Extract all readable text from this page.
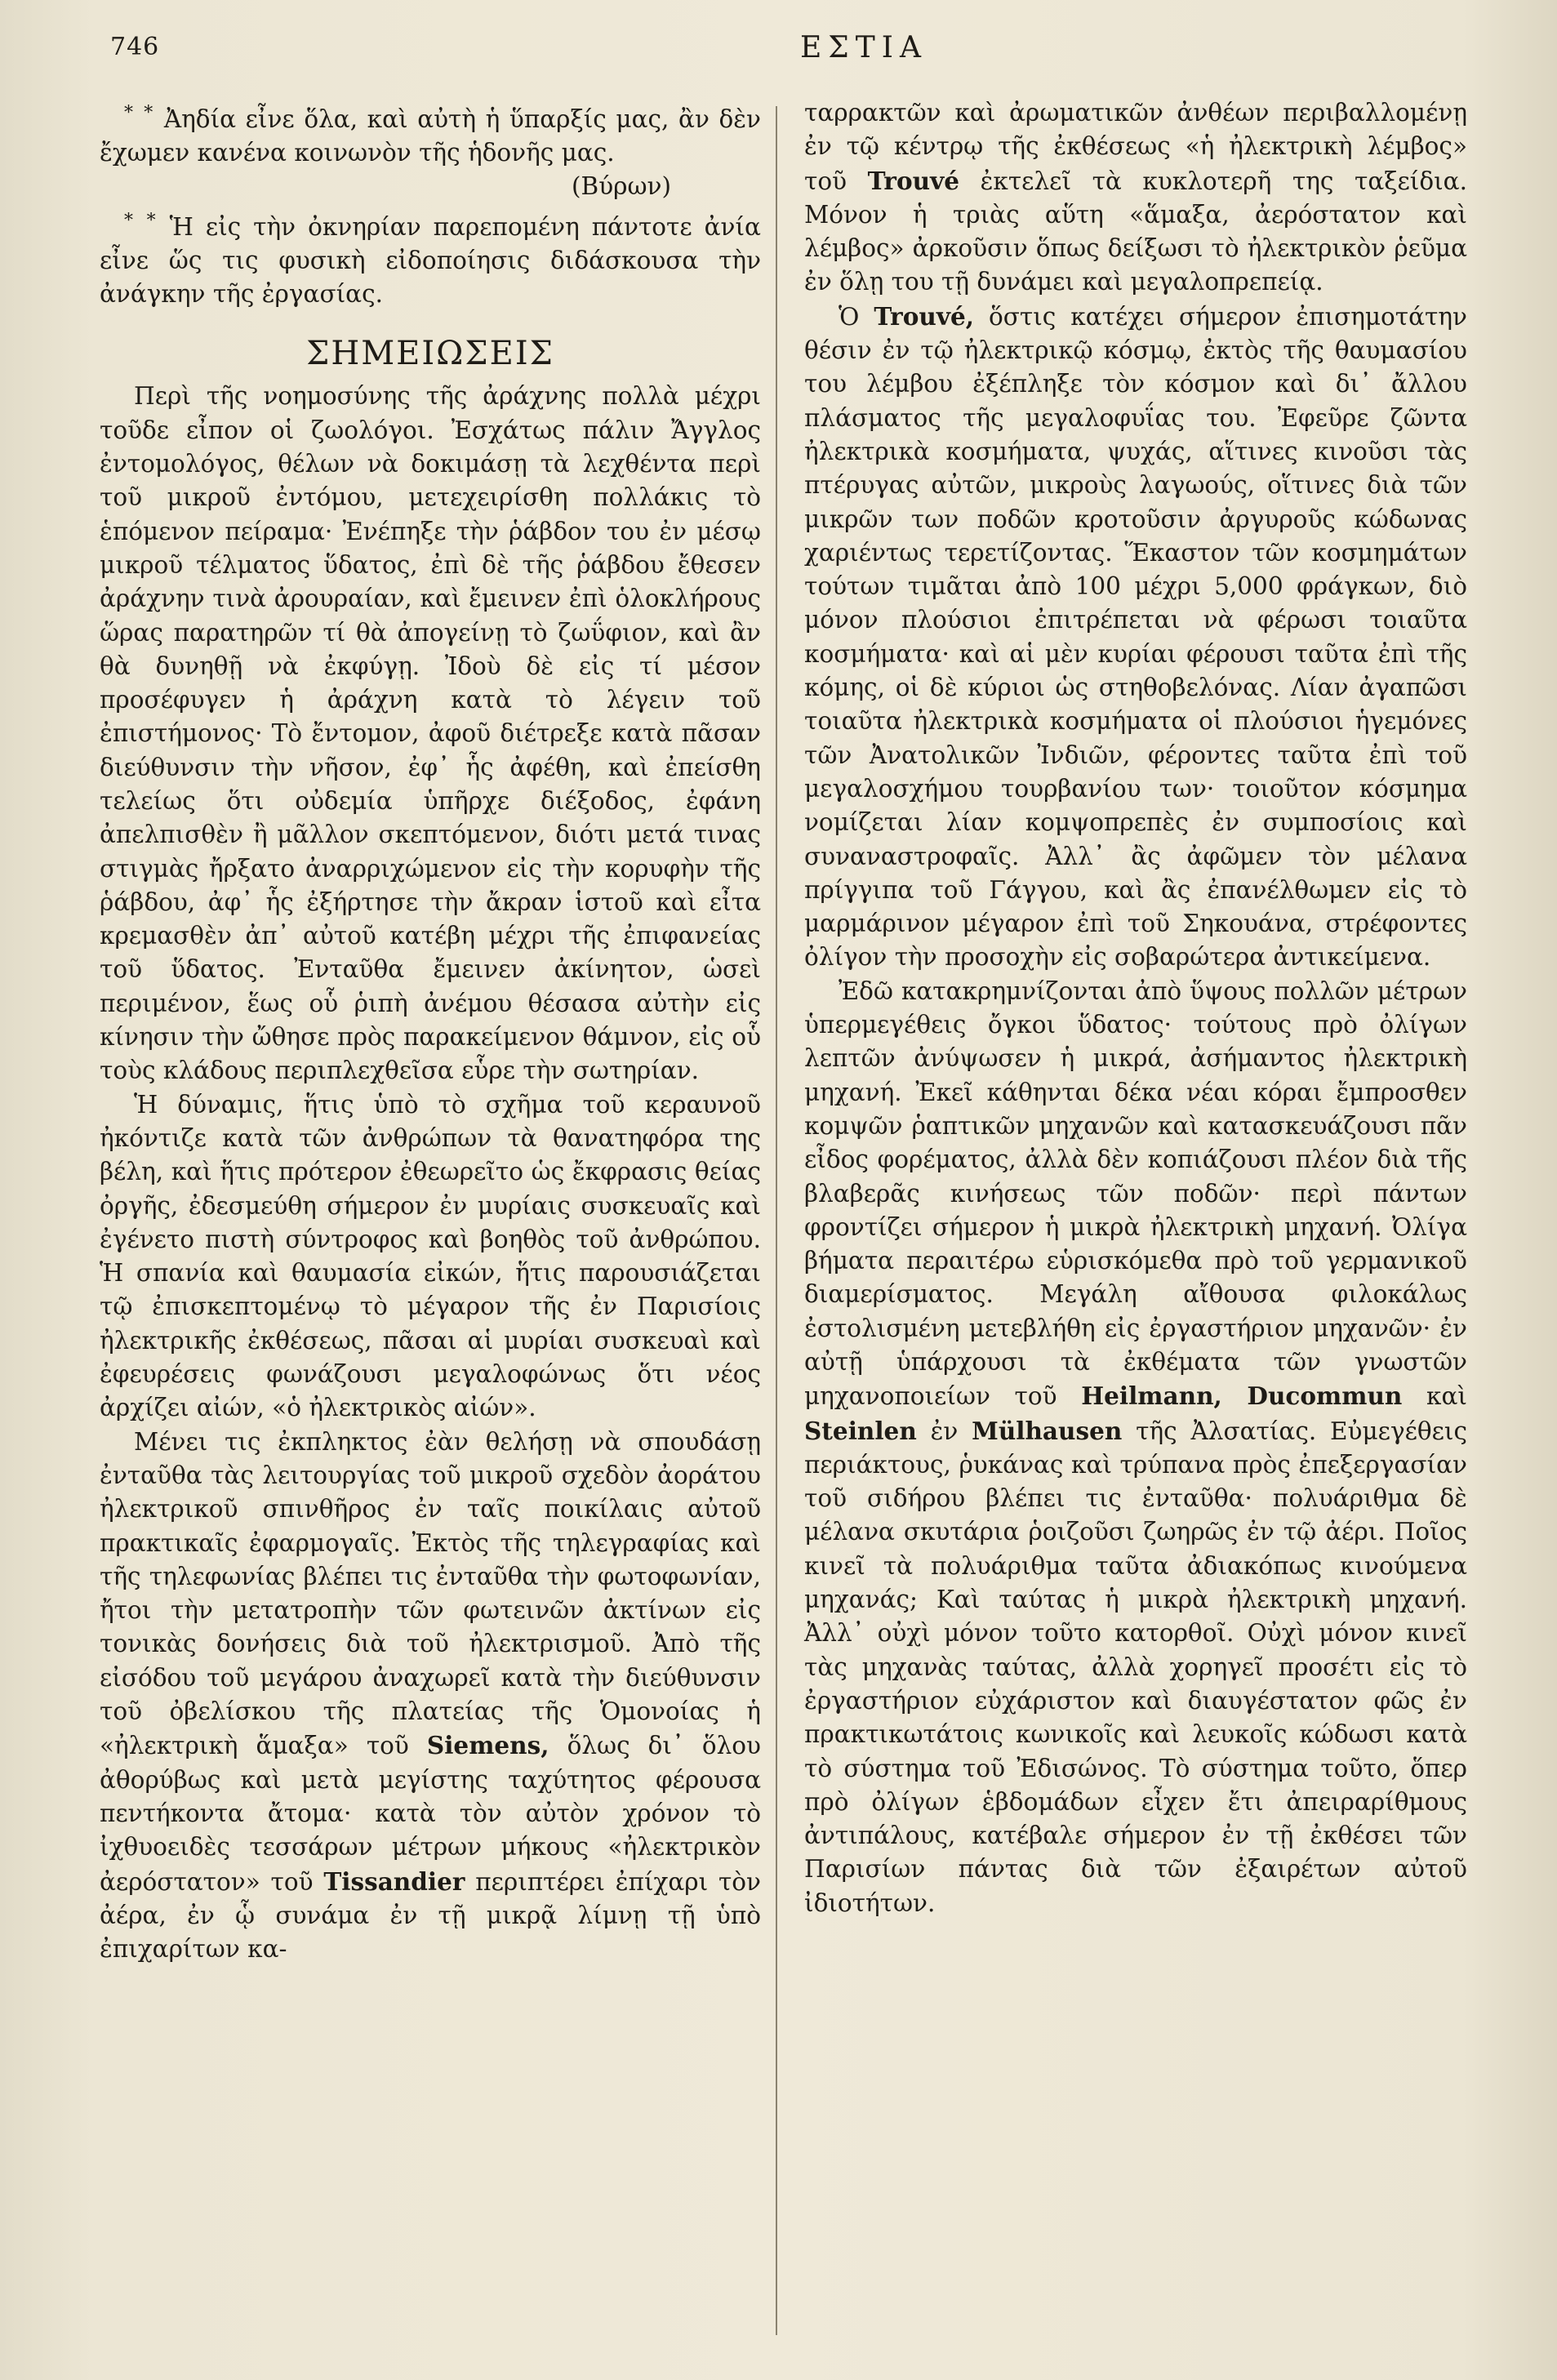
746	ΕΣΤΙΑ

* * Ἀηδία εἶνε ὅλα, καὶ αὐτὴ ἡ ὕπαρξίς μας, ἂν δὲν ἔχωμεν κανένα κοινωνὸν τῆς ἡδονῆς μας.

(Βύρων)

* * Ἡ εἰς τὴν ὀκνηρίαν παρεπομένη πάντοτε ἀνία εἶνε ὥς τις φυσικὴ εἰδοποίησις διδάσκουσα τὴν ἀνάγκην τῆς ἐργασίας.

ΣΗΜΕΙΩΣΕΙΣ

Περὶ τῆς νοημοσύνης τῆς ἀράχνης πολλὰ μέχρι τοῦδε εἶπον οἱ ζωολόγοι. Ἐσχάτως πάλιν Ἄγγλος ἐντομολόγος, θέλων νὰ δοκιμάσῃ τὰ λεχθέντα περὶ τοῦ μικροῦ ἐντόμου, μετεχειρίσθη πολλάκις τὸ ἑπόμενον πείραμα· Ἐνέπηξε τὴν ῥάβδον του ἐν μέσῳ μικροῦ τέλματος ὕδατος, ἐπὶ δὲ τῆς ῥάβδου ἔθεσεν ἀράχνην τινὰ ἀρουραίαν, καὶ ἔμεινεν ἐπὶ ὁλοκλήρους ὥρας παρατηρῶν τί θὰ ἀπογείνῃ τὸ ζωΰφιον, καὶ ἂν θὰ δυνηθῇ νὰ ἐκφύγῃ. Ἰδοὺ δὲ εἰς τί μέσον προσέφυγεν ἡ ἀράχνη κατὰ τὸ λέγειν τοῦ ἐπιστήμονος· Τὸ ἔντομον, ἀφοῦ διέτρεξε κατὰ πᾶσαν διεύθυνσιν τὴν νῆσον, ἐφ᾽ ἧς ἀφέθη, καὶ ἐπείσθη τελείως ὅτι οὐδεμία ὑπῆρχε διέξοδος, ἐφάνη ἀπελπισθὲν ἢ μᾶλλον σκεπτόμενον, διότι μετά τινας στιγμὰς ἤρξατο ἀναρριχώμενον εἰς τὴν κορυφὴν τῆς ῥάβδου, ἀφ᾽ ἧς ἐξήρτησε τὴν ἄκραν ἱστοῦ καὶ εἶτα κρεμασθὲν ἀπ᾽ αὐτοῦ κατέβη μέχρι τῆς ἐπιφανείας τοῦ ὕδατος. Ἐνταῦθα ἔμεινεν ἀκίνητον, ὡσεὶ περιμένον, ἕως οὗ ῥιπὴ ἀνέμου θέσασα αὐτὴν εἰς κίνησιν τὴν ὤθησε πρὸς παρακείμενον θάμνον, εἰς οὗ τοὺς κλάδους περιπλεχθεῖσα εὗρε τὴν σωτηρίαν.

Ἡ δύναμις, ἥτις ὑπὸ τὸ σχῆμα τοῦ κεραυνοῦ ἠκόντιζε κατὰ τῶν ἀνθρώπων τὰ θανατηφόρα της βέλη, καὶ ἥτις πρότερον ἐθεωρεῖτο ὡς ἔκφρασις θείας ὀργῆς, ἐδεσμεύθη σήμερον ἐν μυρίαις συσκευαῖς καὶ ἐγένετο πιστὴ σύντροφος καὶ βοηθὸς τοῦ ἀνθρώπου. Ἡ σπανία καὶ θαυμασία εἰκών, ἥτις παρουσιάζεται τῷ ἐπισκεπτομένῳ τὸ μέγαρον τῆς ἐν Παρισίοις ἠλεκτρικῆς ἐκθέσεως, πᾶσαι αἱ μυρίαι συσκευαὶ καὶ ἐφευρέσεις φωνάζουσι μεγαλοφώνως ὅτι νέος ἀρχίζει αἰών, «ὁ ἠλεκτρικὸς αἰών».

Μένει τις ἐκπληκτος ἐὰν θελήσῃ νὰ σπουδάσῃ ἐνταῦθα τὰς λειτουργίας τοῦ μικροῦ σχεδὸν ἀοράτου ἠλεκτρικοῦ σπινθῆρος ἐν ταῖς ποικίλαις αὐτοῦ πρακτικαῖς ἐφαρμογαῖς. Ἐκτὸς τῆς τηλεγραφίας καὶ τῆς τηλεφωνίας βλέπει τις ἐνταῦθα τὴν φωτοφωνίαν, ἤτοι τὴν μετατροπὴν τῶν φωτεινῶν ἀκτίνων εἰς τονικὰς δονήσεις διὰ τοῦ ἠλεκτρισμοῦ. Ἀπὸ τῆς εἰσόδου τοῦ μεγάρου ἀναχωρεῖ κατὰ τὴν διεύθυνσιν τοῦ ὀβελίσκου τῆς πλατείας τῆς Ὁμονοίας ἡ «ἠλεκτρικὴ ἅμαξα» τοῦ Siemens, ὅλως δι᾽ ὅλου ἀθορύβως καὶ μετὰ μεγίστης ταχύτητος φέρουσα πεντήκοντα ἄτομα· κατὰ τὸν αὐτὸν χρόνον τὸ ἰχθυοειδὲς τεσσάρων μέτρων μήκους «ἠλεκτρικὸν ἀερόστατον» τοῦ Tissandier περιπτέρει ἐπίχαρι τὸν ἀέρα, ἐν ᾧ συνάμα ἐν τῇ μικρᾷ λίμνῃ τῇ ὑπὸ ἐπιχαρίτων κα-

ταρρακτῶν καὶ ἀρωματικῶν ἀνθέων περιβαλλομένῃ ἐν τῷ κέντρῳ τῆς ἐκθέσεως «ἡ ἠλεκτρικὴ λέμβος» τοῦ Trouvé ἐκτελεῖ τὰ κυκλοτερῆ της ταξείδια. Μόνον ἡ τριὰς αὕτη «ἅμαξα, ἀερόστατον καὶ λέμβος» ἀρκοῦσιν ὅπως δείξωσι τὸ ἠλεκτρικὸν ῥεῦμα ἐν ὅλῃ του τῇ δυνάμει καὶ μεγαλοπρεπείᾳ.

Ὁ Trouvé, ὅστις κατέχει σήμερον ἐπισημοτάτην θέσιν ἐν τῷ ἠλεκτρικῷ κόσμῳ, ἐκτὸς τῆς θαυμασίου του λέμβου ἐξέπληξε τὸν κόσμον καὶ δι᾽ ἄλλου πλάσματος τῆς μεγαλοφυΐας του. Ἐφεῦρε ζῶντα ἠλεκτρικὰ κοσμήματα, ψυχάς, αἵτινες κινοῦσι τὰς πτέρυγας αὐτῶν, μικροὺς λαγωούς, οἵτινες διὰ τῶν μικρῶν των ποδῶν κροτοῦσιν ἀργυροῦς κώδωνας χαριέντως τερετίζοντας. Ἕκαστον τῶν κοσμημάτων τούτων τιμᾶται ἀπὸ 100 μέχρι 5,000 φράγκων, διὸ μόνον πλούσιοι ἐπιτρέπεται νὰ φέρωσι τοιαῦτα κοσμήματα· καὶ αἱ μὲν κυρίαι φέρουσι ταῦτα ἐπὶ τῆς κόμης, οἱ δὲ κύριοι ὡς στηθοβελόνας. Λίαν ἀγαπῶσι τοιαῦτα ἠλεκτρικὰ κοσμήματα οἱ πλούσιοι ἡγεμόνες τῶν Ἀνατολικῶν Ἰνδιῶν, φέροντες ταῦτα ἐπὶ τοῦ μεγαλοσχήμου τουρβανίου των· τοιοῦτον κόσμημα νομίζεται λίαν κομψοπρεπὲς ἐν συμποσίοις καὶ συναναστροφαῖς. Ἀλλ᾽ ἂς ἀφῶμεν τὸν μέλανα πρίγγιπα τοῦ Γάγγου, καὶ ἂς ἐπανέλθωμεν εἰς τὸ μαρμάρινον μέγαρον ἐπὶ τοῦ Σηκουάνα, στρέφοντες ὀλίγον τὴν προσοχὴν εἰς σοβαρώτερα ἀντικείμενα.

Ἐδῶ κατακρημνίζονται ἀπὸ ὕψους πολλῶν μέτρων ὑπερμεγέθεις ὄγκοι ὕδατος· τούτους πρὸ ὀλίγων λεπτῶν ἀνύψωσεν ἡ μικρά, ἀσήμαντος ἠλεκτρικὴ μηχανή. Ἐκεῖ κάθηνται δέκα νέαι κόραι ἔμπροσθεν κομψῶν ῥαπτικῶν μηχανῶν καὶ κατασκευάζουσι πᾶν εἶδος φορέματος, ἀλλὰ δὲν κοπιάζουσι πλέον διὰ τῆς βλαβερᾶς κινήσεως τῶν ποδῶν· περὶ πάντων φροντίζει σήμερον ἡ μικρὰ ἠλεκτρικὴ μηχανή. Ὀλίγα βήματα περαιτέρω εὑρισκόμεθα πρὸ τοῦ γερμανικοῦ διαμερίσματος. Μεγάλη αἴθουσα φιλοκάλως ἐστολισμένη μετεβλήθη εἰς ἐργαστήριον μηχανῶν· ἐν αὐτῇ ὑπάρχουσι τὰ ἐκθέματα τῶν γνωστῶν μηχανοποιείων τοῦ Heilmann, Ducommun καὶ Steinlen ἐν Mülhausen τῆς Ἀλσατίας. Εὐμεγέθεις περιάκτους, ῥυκάνας καὶ τρύπανα πρὸς ἐπεξεργασίαν τοῦ σιδήρου βλέπει τις ἐνταῦθα· πολυάριθμα δὲ μέλανα σκυτάρια ῥοιζοῦσι ζωηρῶς ἐν τῷ ἀέρι. Ποῖος κινεῖ τὰ πολυάριθμα ταῦτα ἀδιακόπως κινούμενα μηχανάς; Καὶ ταύτας ἡ μικρὰ ἠλεκτρικὴ μηχανή. Ἀλλ᾽ οὐχὶ μόνον τοῦτο κατορθοῖ. Οὐχὶ μόνον κινεῖ τὰς μηχανὰς ταύτας, ἀλλὰ χορηγεῖ προσέτι εἰς τὸ ἐργαστήριον εὐχάριστον καὶ διαυγέστατον φῶς ἐν πρακτικωτάτοις κωνικοῖς καὶ λευκοῖς κώδωσι κατὰ τὸ σύστημα τοῦ Ἐδισώνος. Τὸ σύστημα τοῦτο, ὅπερ πρὸ ὀλίγων ἑβδομάδων εἶχεν ἔτι ἀπειραρίθμους ἀντιπάλους, κατέβαλε σήμερον ἐν τῇ ἐκθέσει τῶν Παρισίων πάντας διὰ τῶν ἐξαιρέτων αὐτοῦ ἰδιοτήτων.
